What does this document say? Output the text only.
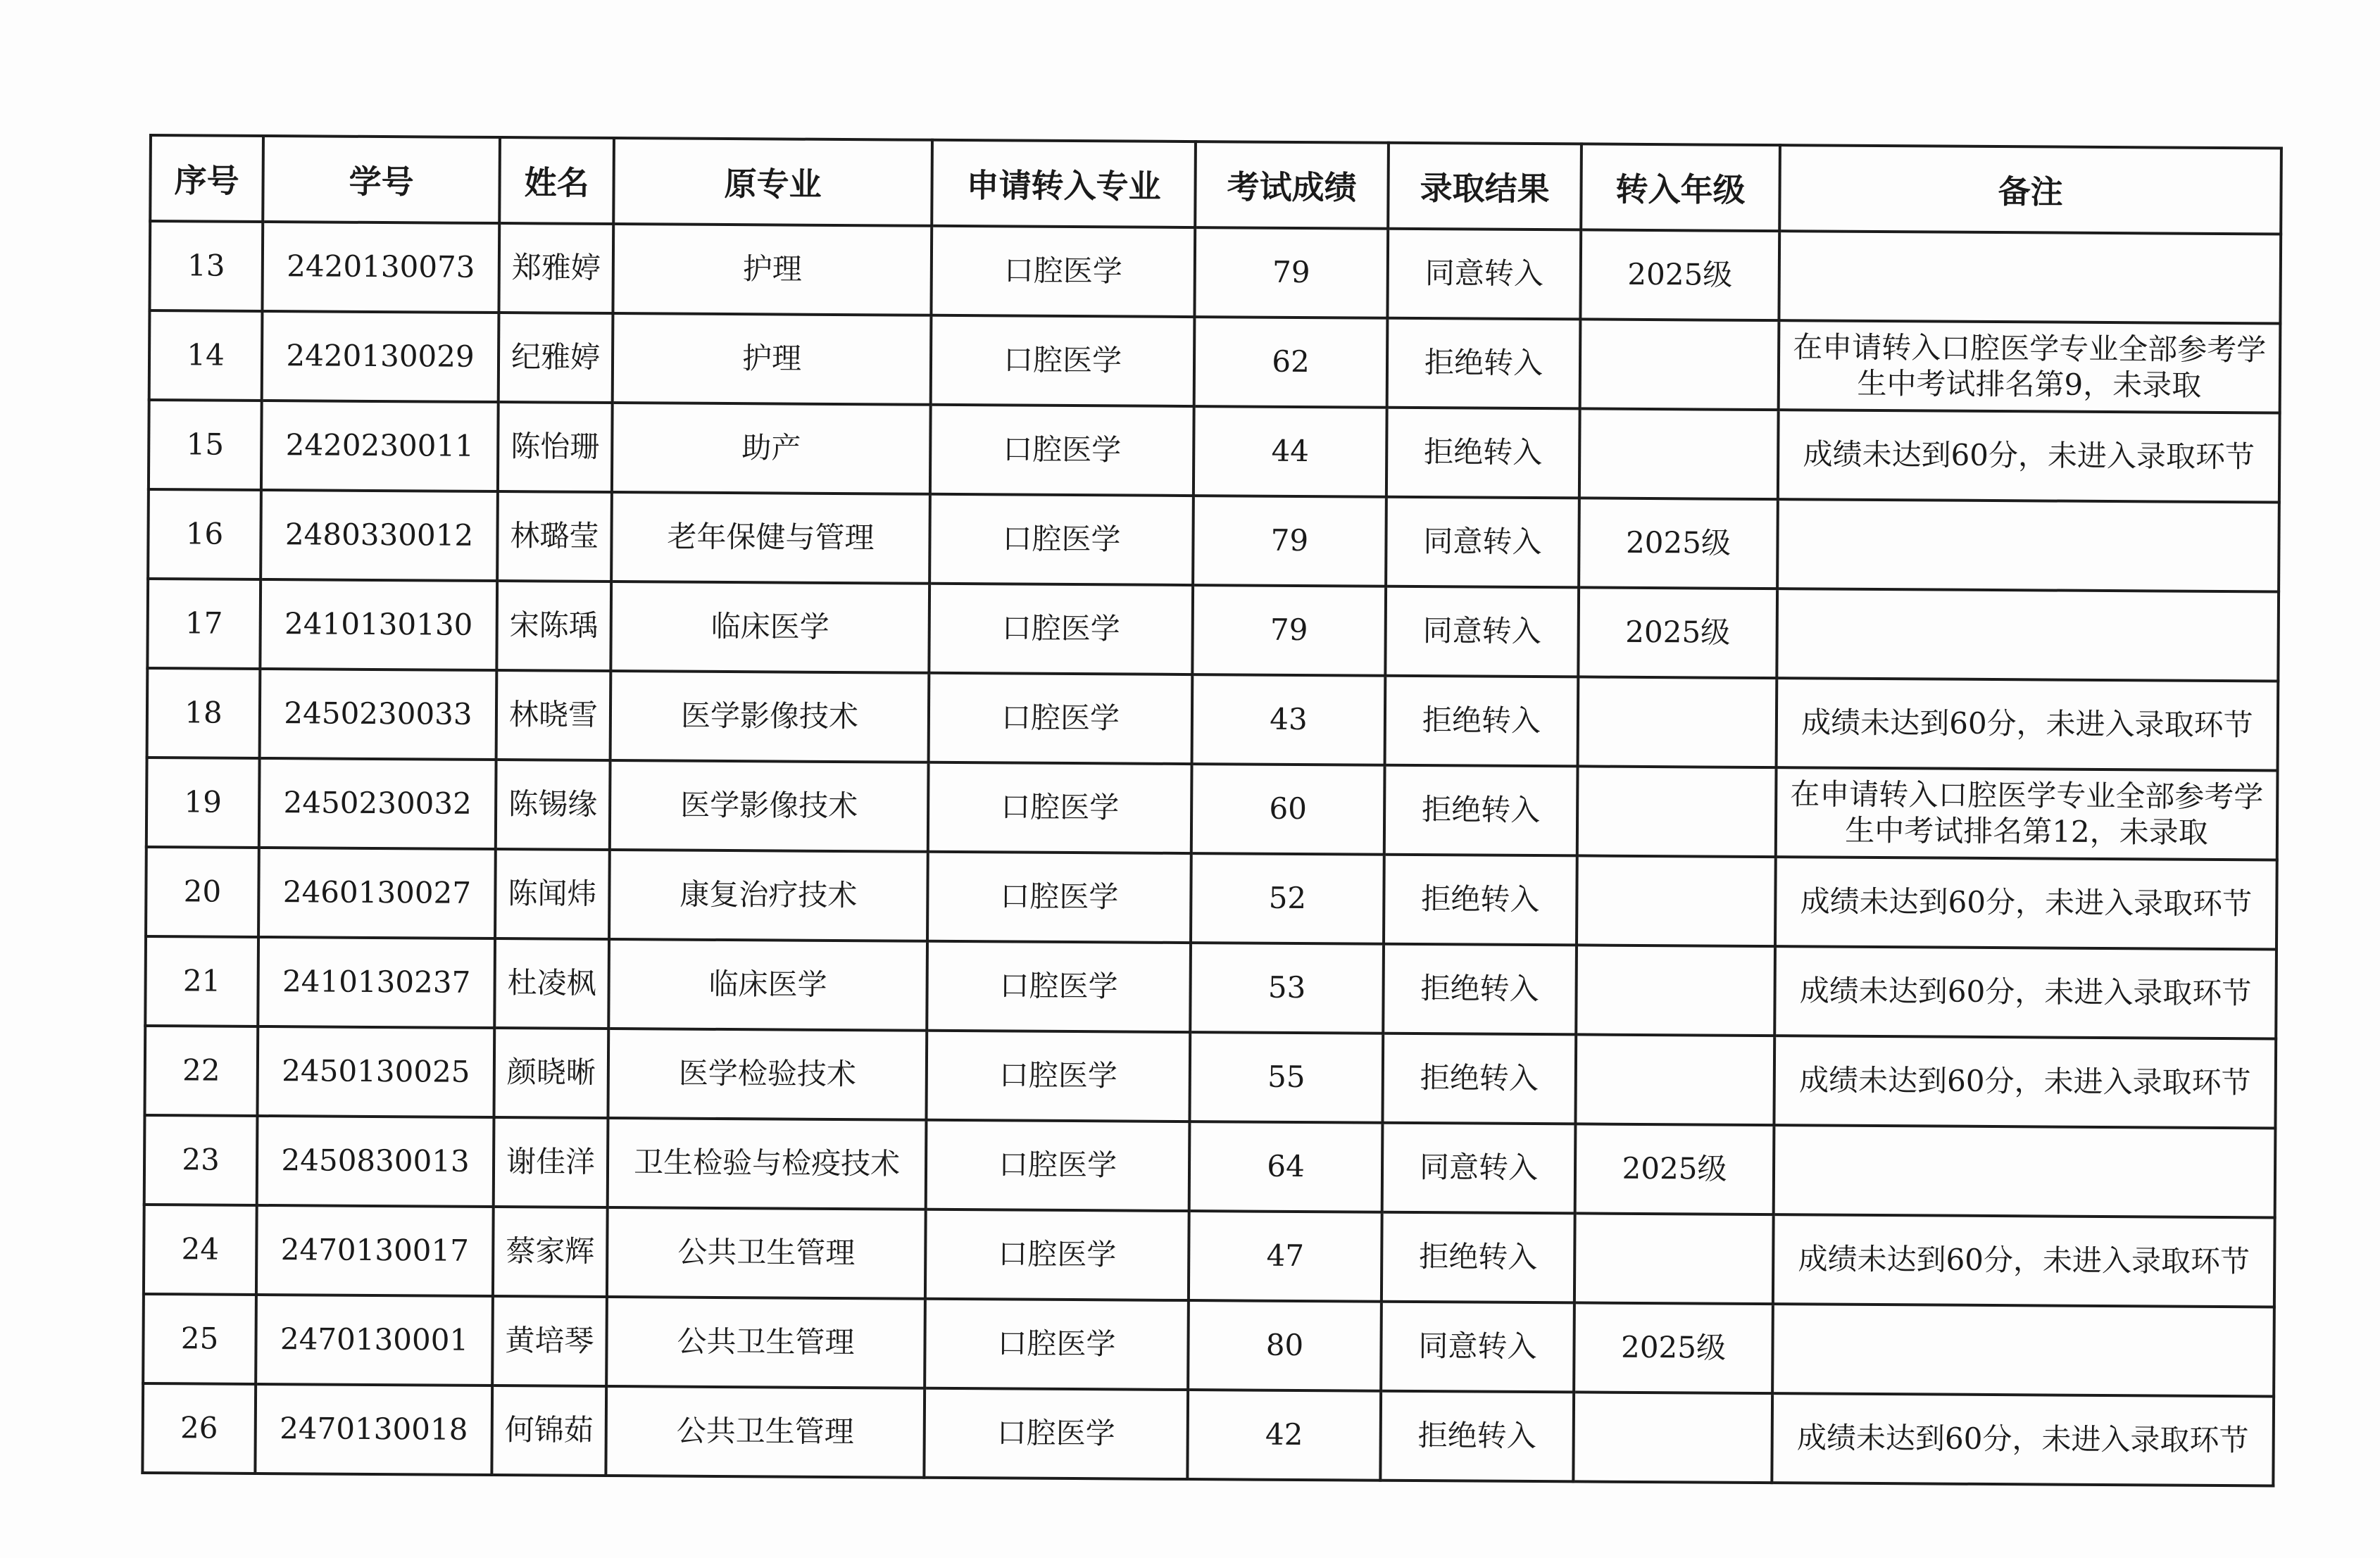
序号	学号	姓名	原专业	申请转入专业	考试成绩	录取结果	转入年级	备注
13	2420130073	郑雅婷	护理	口腔医学	79	同意转入	2025级	

14	2420130029	纪雅婷	护理	口腔医学	62	拒绝转入		在申请转入口腔医学专业全部参考学生中考试排名第9，未录取

15	2420230011	陈怡珊	助产	口腔医学	44	拒绝转入		成绩未达到60分，未进入录取环节

16	2480330012	林璐莹	老年保健与管理	口腔医学	79	同意转入	2025级	

17	2410130130	宋陈瑀	临床医学	口腔医学	79	同意转入	2025级	

18	2450230033	林晓雪	医学影像技术	口腔医学	43	拒绝转入		成绩未达到60分，未进入录取环节

19	2450230032	陈锡缘	医学影像技术	口腔医学	60	拒绝转入		在申请转入口腔医学专业全部参考学生中考试排名第12，未录取

20	2460130027	陈闻炜	康复治疗技术	口腔医学	52	拒绝转入		成绩未达到60分，未进入录取环节

21	2410130237	杜凌枫	临床医学	口腔医学	53	拒绝转入		成绩未达到60分，未进入录取环节

22	2450130025	颜晓晰	医学检验技术	口腔医学	55	拒绝转入		成绩未达到60分，未进入录取环节

23	2450830013	谢佳洋	卫生检验与检疫技术	口腔医学	64	同意转入	2025级	

24	2470130017	蔡家辉	公共卫生管理	口腔医学	47	拒绝转入		成绩未达到60分，未进入录取环节

25	2470130001	黄培琴	公共卫生管理	口腔医学	80	同意转入	2025级	

26	2470130018	何锦茹	公共卫生管理	口腔医学	42	拒绝转入		成绩未达到60分，未进入录取环节
